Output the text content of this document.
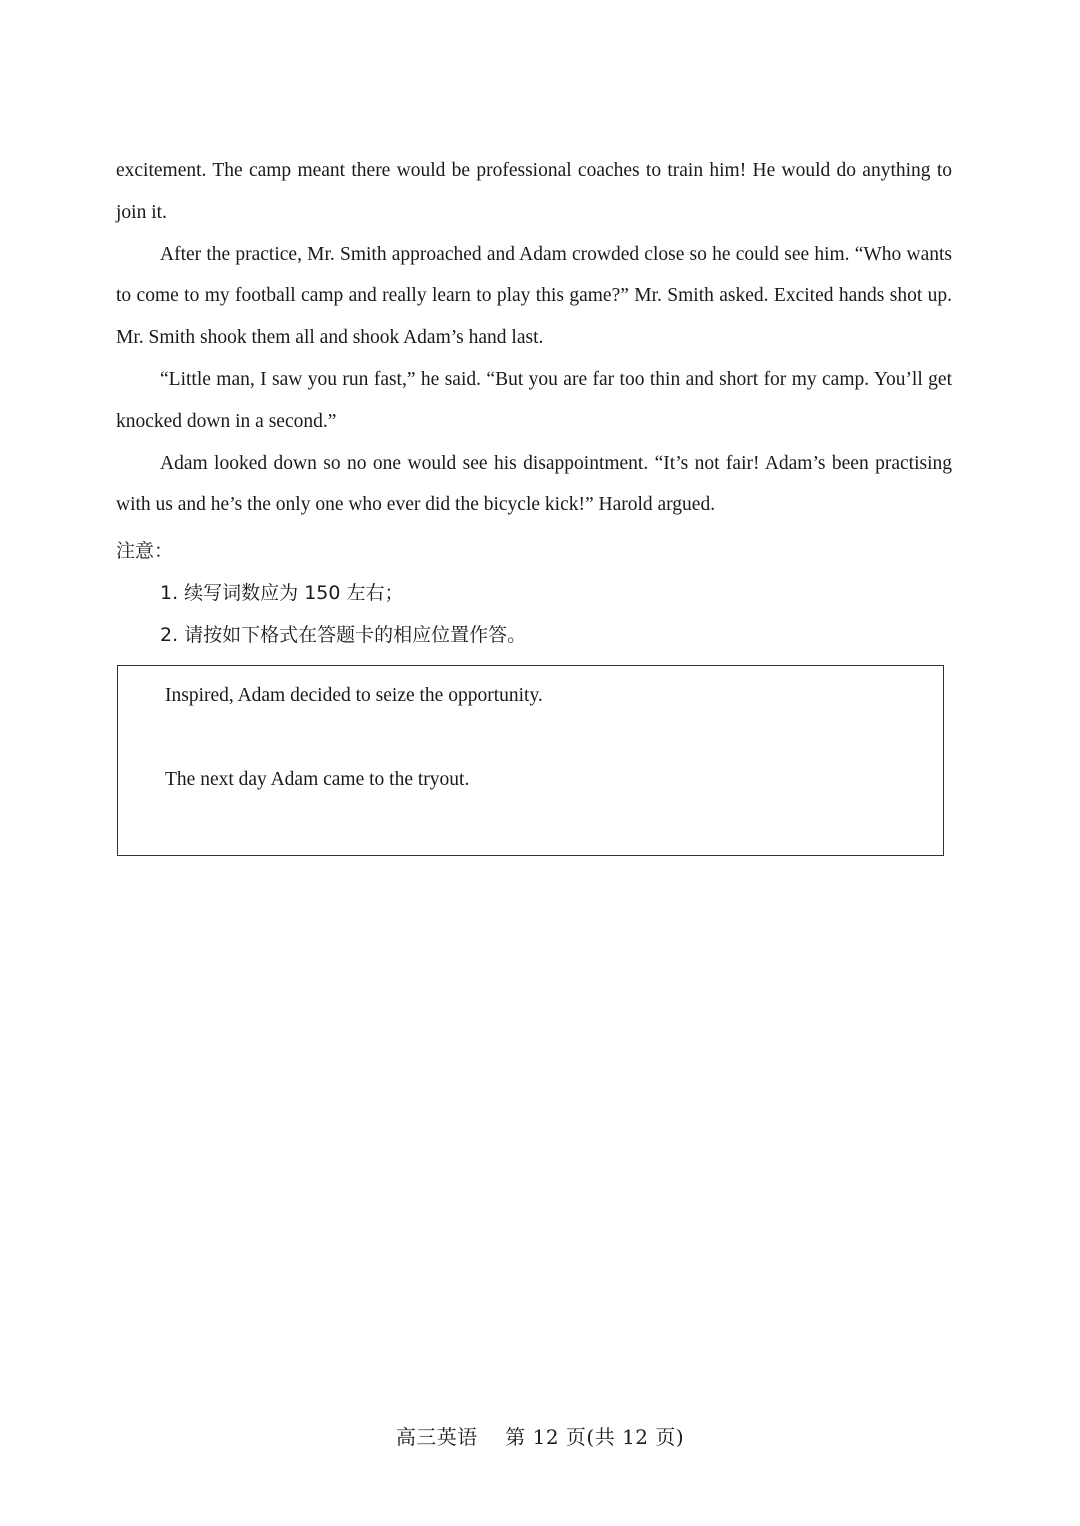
excitement. The camp meant there would be professional coaches to train him! He would do anything to join it.

After the practice, Mr. Smith approached and Adam crowded close so he could see him. “Who wants to come to my football camp and really learn to play this game?” Mr. Smith asked. Excited hands shot up. Mr. Smith shook them all and shook Adam’s hand last.

“Little man, I saw you run fast,” he said. “But you are far too thin and short for my camp. You’ll get knocked down in a second.”

Adam looked down so no one would see his disappointment. “It’s not fair! Adam’s been practising with us and he’s the only one who ever did the bicycle kick!” Harold argued.

注意：
1. 续写词数应为 150 左右；
2. 请按如下格式在答题卡的相应位置作答。
Inspired, Adam decided to seize the opportunity.
The next day Adam came to the tryout.
高三英语    第 12 页(共 12 页)
